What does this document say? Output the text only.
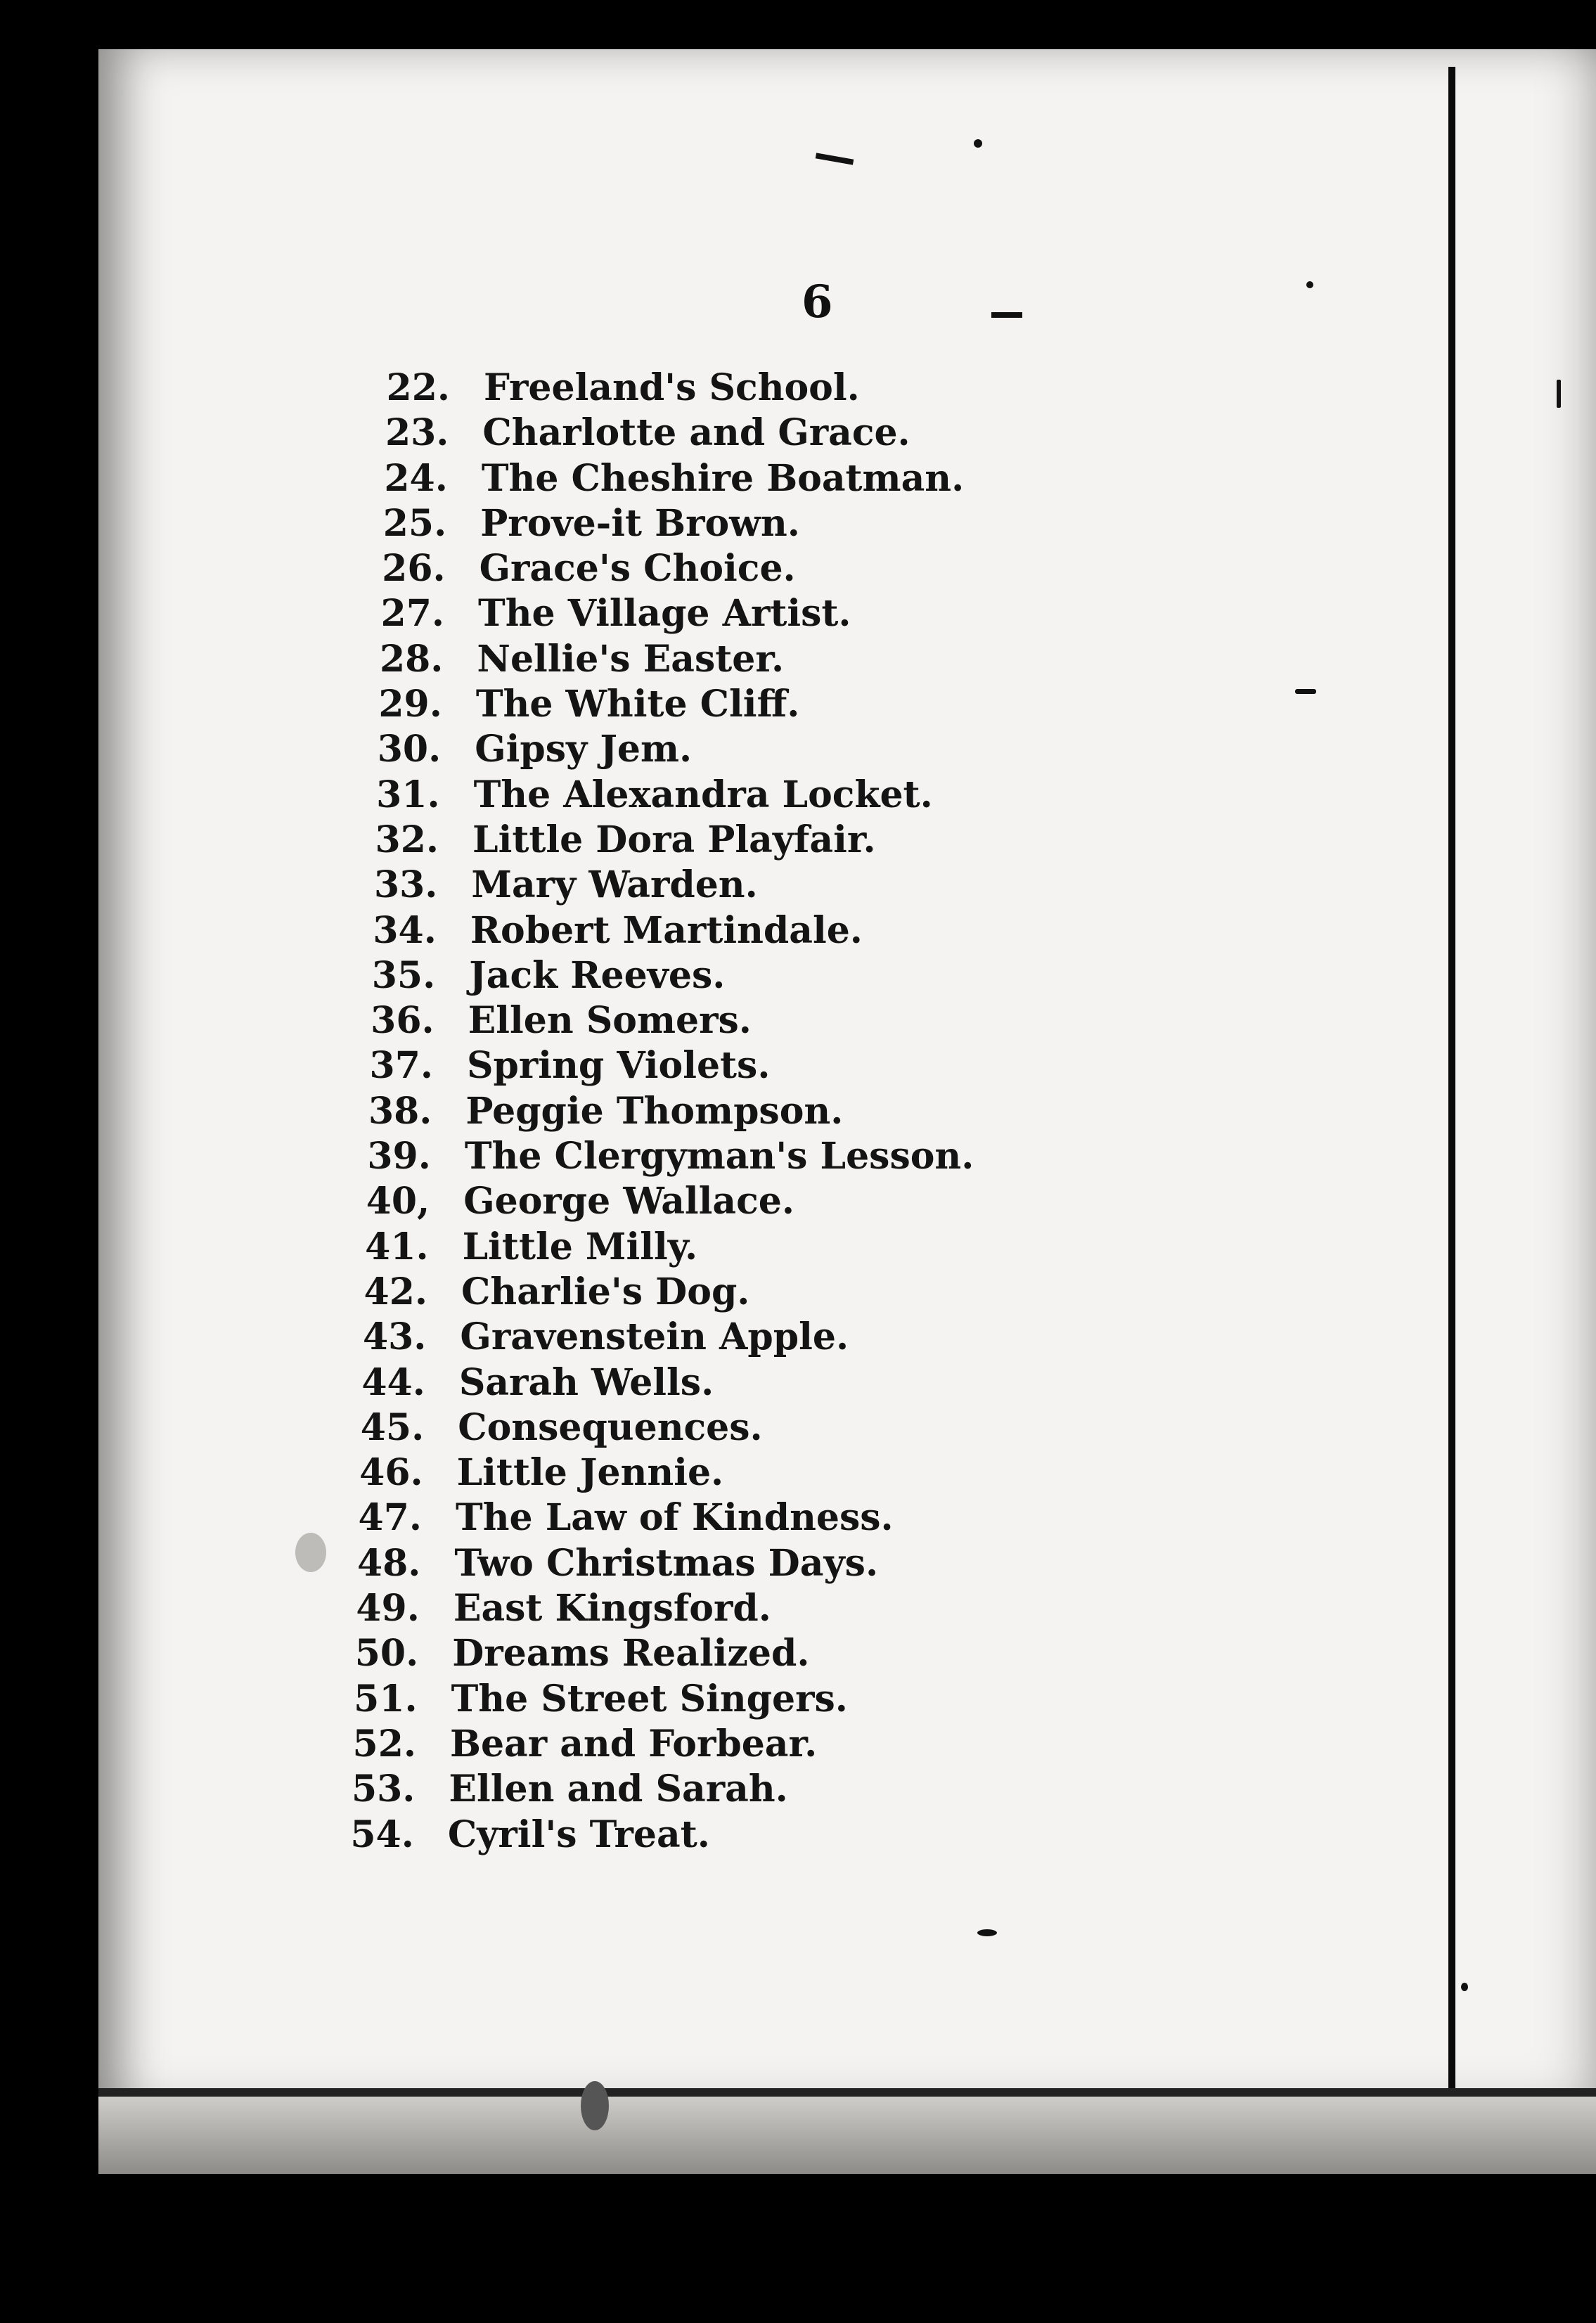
6
22. Freeland's School.
23. Charlotte and Grace.
24. The Cheshire Boatman.
25. Prove-it Brown.
26. Grace's Choice.
27. The Village Artist.
28. Nellie's Easter.
29. The White Cliff.
30. Gipsy Jem.
31. The Alexandra Locket.
32. Little Dora Playfair.
33. Mary Warden.
34. Robert Martindale.
35. Jack Reeves.
36. Ellen Somers.
37. Spring Violets.
38. Peggie Thompson.
39. The Clergyman's Lesson.
40, George Wallace.
41. Little Milly.
42. Charlie's Dog.
43. Gravenstein Apple.
44. Sarah Wells.
45. Consequences.
46. Little Jennie.
47. The Law of Kindness.
48. Two Christmas Days.
49. East Kingsford.
50. Dreams Realized.
51. The Street Singers.
52. Bear and Forbear.
53. Ellen and Sarah.
54. Cyril's Treat.
